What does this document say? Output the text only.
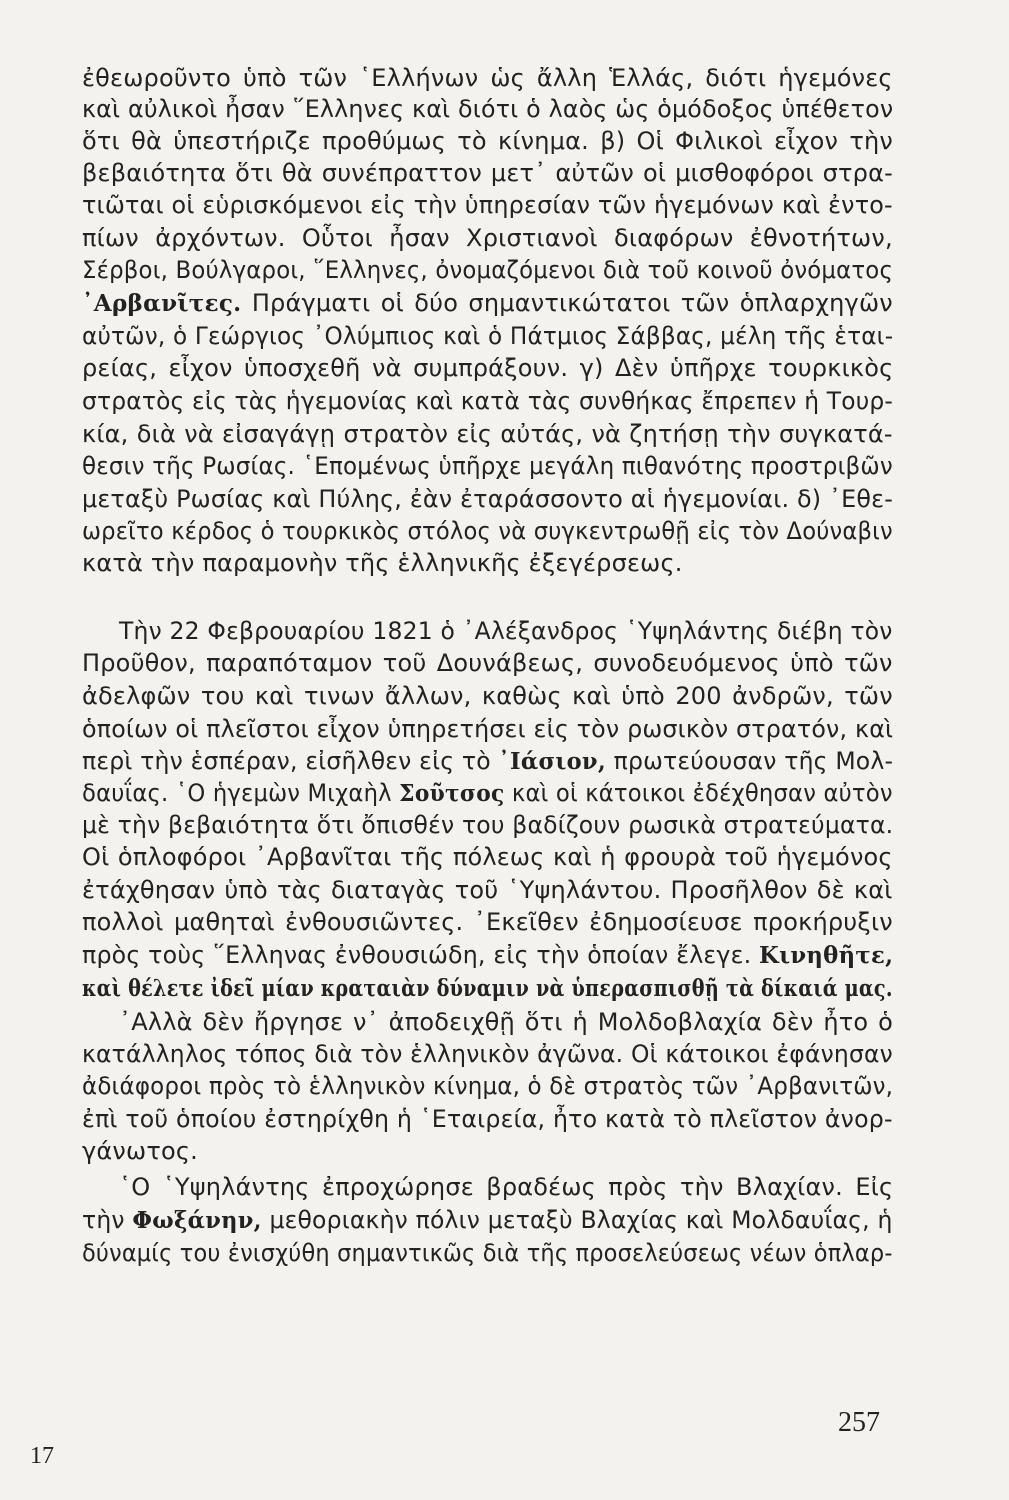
ἐθεωροῦντο ὑπὸ τῶν ῾Ελλήνων ὡς ἄλλη Ἑλλάς, διότι ἡγεμόνες
καὶ αὐλικοὶ ἦσαν ῞Ελληνες καὶ διότι ὁ λαὸς ὡς ὁμόδοξος ὑπέθετον
ὅτι θὰ ὑπεστήριζε προθύμως τὸ κίνημα. β) Οἱ Φιλικοὶ εἶχον τὴν
βεβαιότητα ὅτι θὰ συνέπραττον μετ᾽ αὐτῶν οἱ μισθοφόροι στρα-
τιῶται οἱ εὑρισκόμενοι εἰς τὴν ὑπηρεσίαν τῶν ἡγεμόνων καὶ ἐντο-
πίων ἀρχόντων. Οὗτοι ἦσαν Χριστιανοὶ διαφόρων ἐθνοτήτων,
Σέρβοι, Βούλγαροι, ῞Ελληνες, ὀνομαζόμενοι διὰ τοῦ κοινοῦ ὀνόματος
᾽Αρβανῖτες. Πράγματι οἱ δύο σημαντικώτατοι τῶν ὁπλαρχηγῶν
αὐτῶν, ὁ Γεώργιος ᾽Ολύμπιος καὶ ὁ Πάτμιος Σάββας, μέλη τῆς ἑται-
ρείας, εἶχον ὑποσχεθῆ νὰ συμπράξουν. γ) Δὲν ὑπῆρχε τουρκικὸς
στρατὸς εἰς τὰς ἡγεμονίας καὶ κατὰ τὰς συνθήκας ἔπρεπεν ἡ Τουρ-
κία, διὰ νὰ εἰσαγάγῃ στρατὸν εἰς αὐτάς, νὰ ζητήσῃ τὴν συγκατά-
θεσιν τῆς Ρωσίας. ῾Επομένως ὑπῆρχε μεγάλη πιθανότης προστριβῶν
μεταξὺ Ρωσίας καὶ Πύλης, ἐὰν ἐταράσσοντο αἱ ἡγεμονίαι. δ) ᾽Εθε-
ωρεῖτο κέρδος ὁ τουρκικὸς στόλος νὰ συγκεντρωθῇ εἰς τὸν Δούναβιν
κατὰ τὴν παραμονὴν τῆς ἑλληνικῆς ἐξεγέρσεως.
Τὴν 22 Φεβρουαρίου 1821 ὁ ᾽Αλέξανδρος ῾Υψηλάντης διέβη τὸν
Προῦθον, παραπόταμον τοῦ Δουνάβεως, συνοδευόμενος ὑπὸ τῶν
ἀδελφῶν του καὶ τινων ἄλλων, καθὼς καὶ ὑπὸ 200 ἀνδρῶν, τῶν
ὁποίων οἱ πλεῖστοι εἶχον ὑπηρετήσει εἰς τὸν ρωσικὸν στρατόν, καὶ
περὶ τὴν ἑσπέραν, εἰσῆλθεν εἰς τὸ ᾽Ιάσιον, πρωτεύουσαν τῆς Μολ-
δαυΐας. ῾Ο ἡγεμὼν Μιχαὴλ Σοῦτσος καὶ οἱ κάτοικοι ἐδέχθησαν αὐτὸν
μὲ τὴν βεβαιότητα ὅτι ὄπισθέν του βαδίζουν ρωσικὰ στρατεύματα.
Οἱ ὁπλοφόροι ᾽Αρβανῖται τῆς πόλεως καὶ ἡ φρουρὰ τοῦ ἡγεμόνος
ἐτάχθησαν ὑπὸ τὰς διαταγὰς τοῦ ῾Υψηλάντου. Προσῆλθον δὲ καὶ
πολλοὶ μαθηταὶ ἐνθουσιῶντες. ᾽Εκεῖθεν ἐδημοσίευσε προκήρυξιν
πρὸς τοὺς ῞Ελληνας ἐνθουσιώδη, εἰς τὴν ὁποίαν ἔλεγε. Κινηθῆτε,
καὶ θέλετε ἰδεῖ μίαν κραταιὰν δύναμιν νὰ ὑπερασπισθῇ τὰ δίκαιά μας.
᾽Αλλὰ δὲν ἤργησε ν᾽ ἀποδειχθῇ ὅτι ἡ Μολδοβλαχία δὲν ἦτο ὁ
κατάλληλος τόπος διὰ τὸν ἑλληνικὸν ἀγῶνα. Οἱ κάτοικοι ἐφάνησαν
ἀδιάφοροι πρὸς τὸ ἑλληνικὸν κίνημα, ὁ δὲ στρατὸς τῶν ᾽Αρβανιτῶν,
ἐπὶ τοῦ ὁποίου ἐστηρίχθη ἡ ῾Εταιρεία, ἦτο κατὰ τὸ πλεῖστον ἀνορ-
γάνωτος.
῾Ο ῾Υψηλάντης ἐπροχώρησε βραδέως πρὸς τὴν Βλαχίαν. Εἰς
τὴν Φωξάνην, μεθοριακὴν πόλιν μεταξὺ Βλαχίας καὶ Μολδαυΐας, ἡ
δύναμίς του ἐνισχύθη σημαντικῶς διὰ τῆς προσελεύσεως νέων ὁπλαρ-
257
17
